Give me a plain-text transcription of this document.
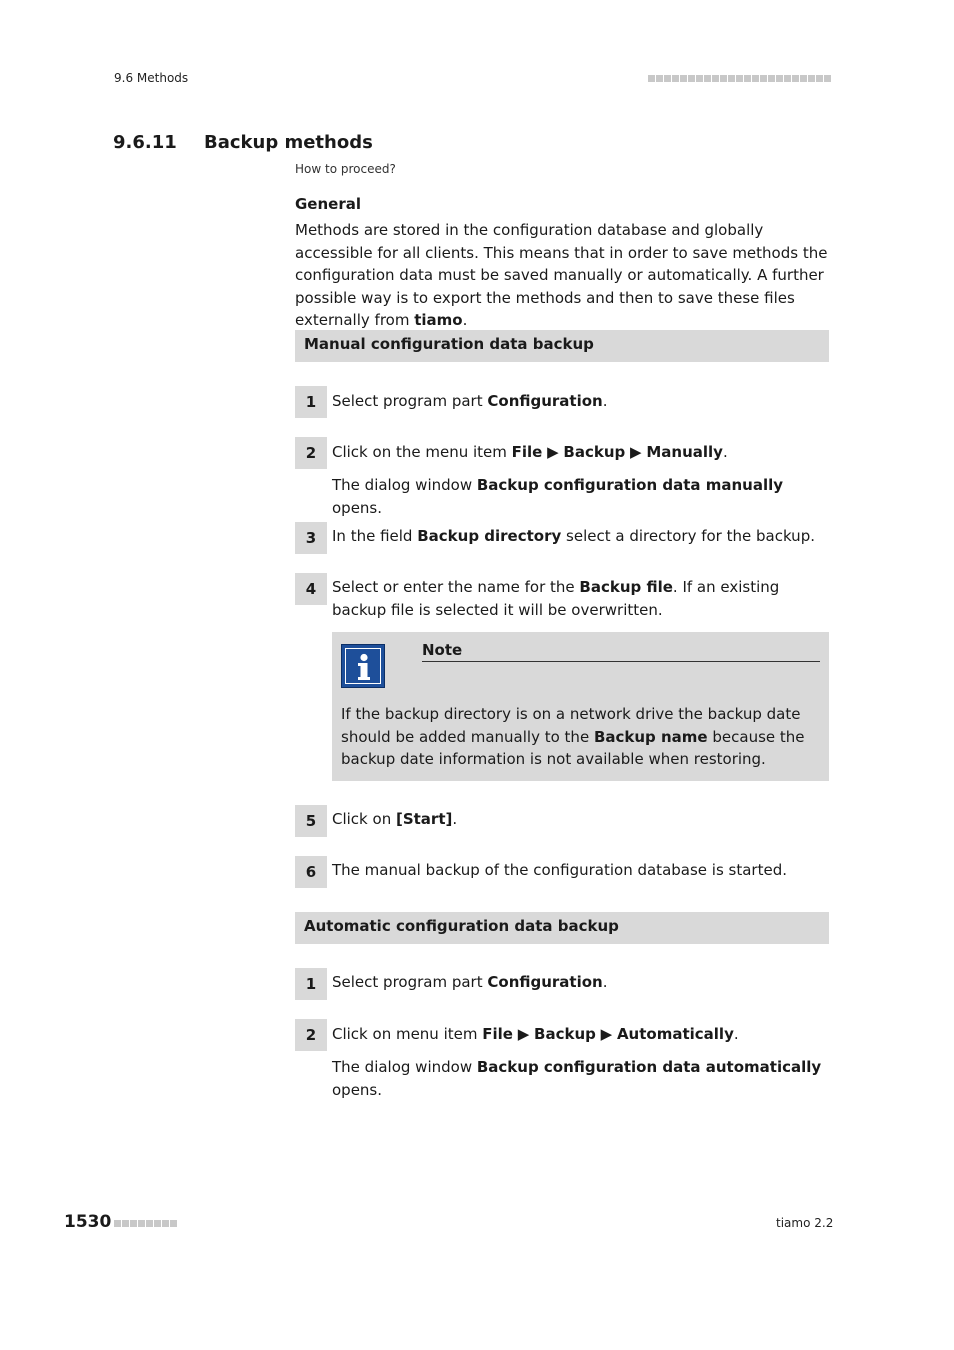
9.6 Methods
9.6.11 Backup methods
How to proceed?
General
Methods are stored in the configuration database and globally accessible for all clients. This means that in order to save methods the configuration data must be saved manually or automatically. A further possible way is to export the methods and then to save these files externally from tiamo.
Manual configuration data backup
1	Select program part Configuration.
2	Click on the menu item File ▶ Backup ▶ Manually.
The dialog window Backup configuration data manually opens.
3	In the field Backup directory select a directory for the backup.
4	Select or enter the name for the Backup file. If an existing backup file is selected it will be overwritten.
Note
If the backup directory is on a network drive the backup date should be added manually to the Backup name because the backup date information is not available when restoring.
5	Click on [Start].
6	The manual backup of the configuration database is started.
Automatic configuration data backup
1	Select program part Configuration.
2	Click on menu item File ▶ Backup ▶ Automatically.
The dialog window Backup configuration data automatically opens.
1530	tiamo 2.2
